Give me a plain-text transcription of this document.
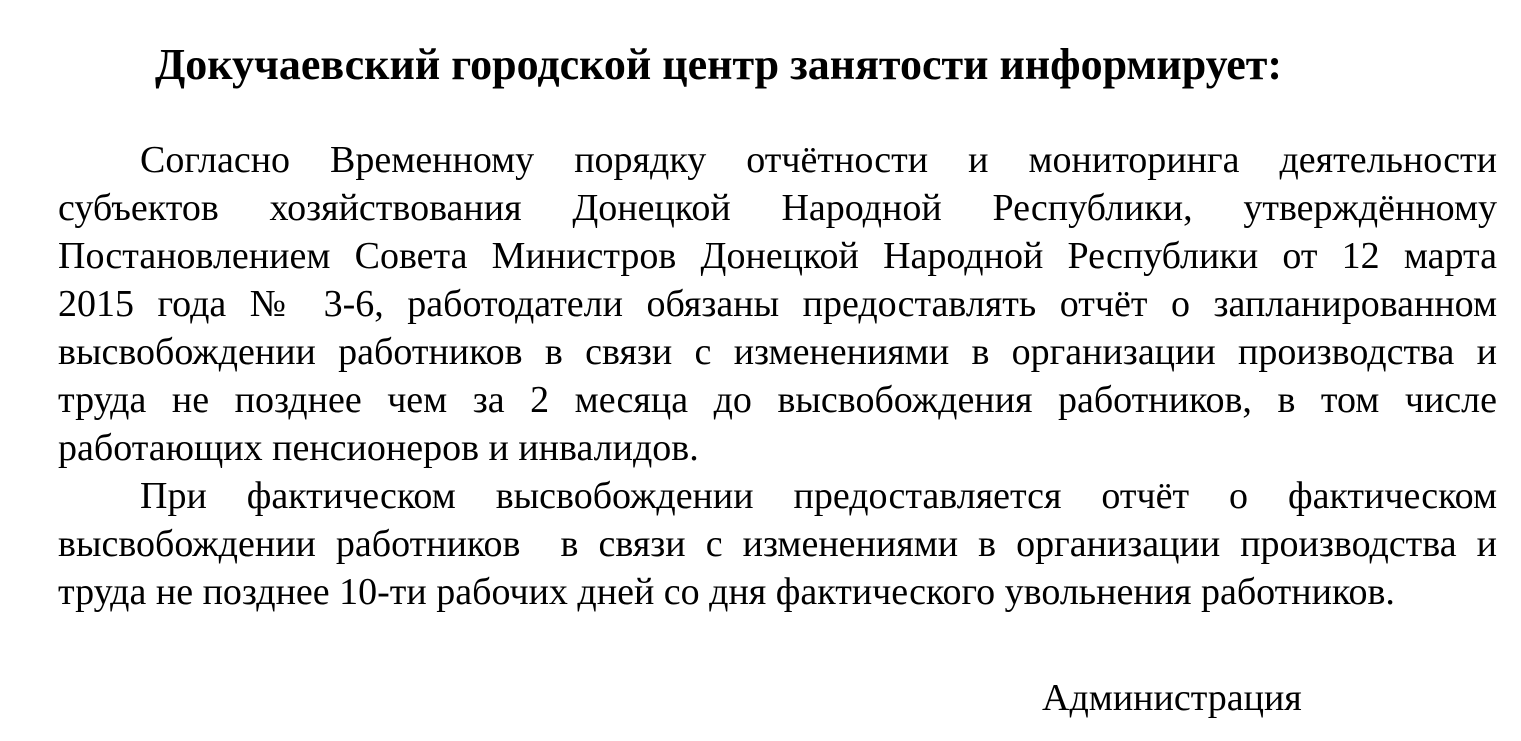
Докучаевский городской центр занятости информирует:
Согласно Временному порядку отчётности и мониторинга деятельности
субъектов хозяйствования Донецкой Народной Республики, утверждённому
Постановлением Совета Министров Донецкой Народной Республики от 12 марта
2015 года № 3-6, работодатели обязаны предоставлять отчёт о запланированном
высвобождении работников в связи с изменениями в организации производства и
труда не позднее чем за 2 месяца до высвобождения работников, в том числе
работающих пенсионеров и инвалидов.
При фактическом высвобождении предоставляется отчёт о фактическом
высвобождении работников  в связи с изменениями в организации производства и
труда не позднее 10-ти рабочих дней со дня фактического увольнения работников.
Администрация
